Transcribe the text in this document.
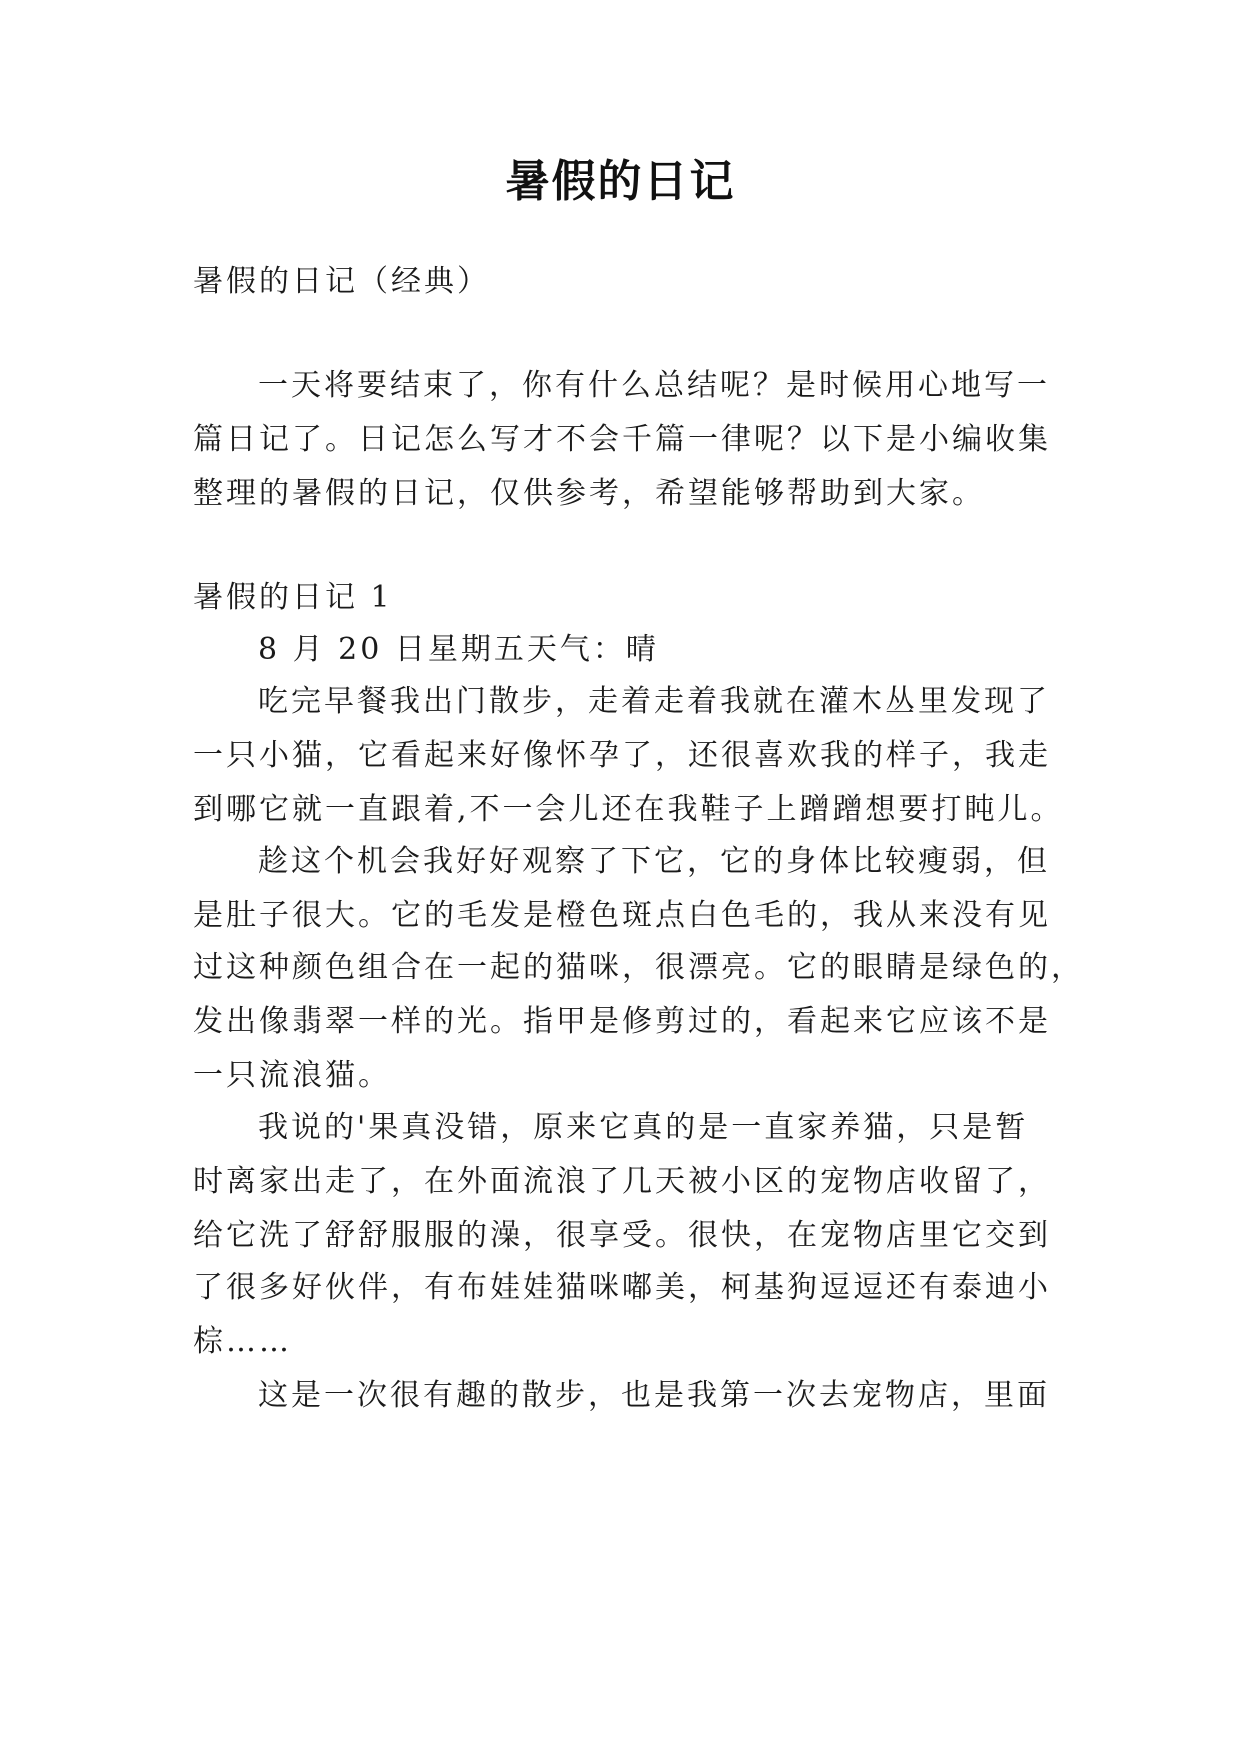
暑假的日记
暑假的日记（经典）
一天将要结束了，你有什么总结呢？是时候用心地写一
篇日记了。日记怎么写才不会千篇一律呢？以下是小编收集
整理的暑假的日记，仅供参考，希望能够帮助到大家。
暑假的日记 1
8 月 20 日星期五天气：晴
吃完早餐我出门散步，走着走着我就在灌木丛里发现了
一只小猫，它看起来好像怀孕了，还很喜欢我的样子，我走
到哪它就一直跟着,不一会儿还在我鞋子上蹭蹭想要打盹儿。
趁这个机会我好好观察了下它，它的身体比较瘦弱，但
是肚子很大。它的毛发是橙色斑点白色毛的，我从来没有见
过这种颜色组合在一起的猫咪，很漂亮。它的眼睛是绿色的，
发出像翡翠一样的光。指甲是修剪过的，看起来它应该不是
一只流浪猫。
我说的'果真没错，原来它真的是一直家养猫，只是暂
时离家出走了，在外面流浪了几天被小区的宠物店收留了，
给它洗了舒舒服服的澡，很享受。很快，在宠物店里它交到
了很多好伙伴，有布娃娃猫咪嘟美，柯基狗逗逗还有泰迪小
棕……
这是一次很有趣的散步，也是我第一次去宠物店，里面
